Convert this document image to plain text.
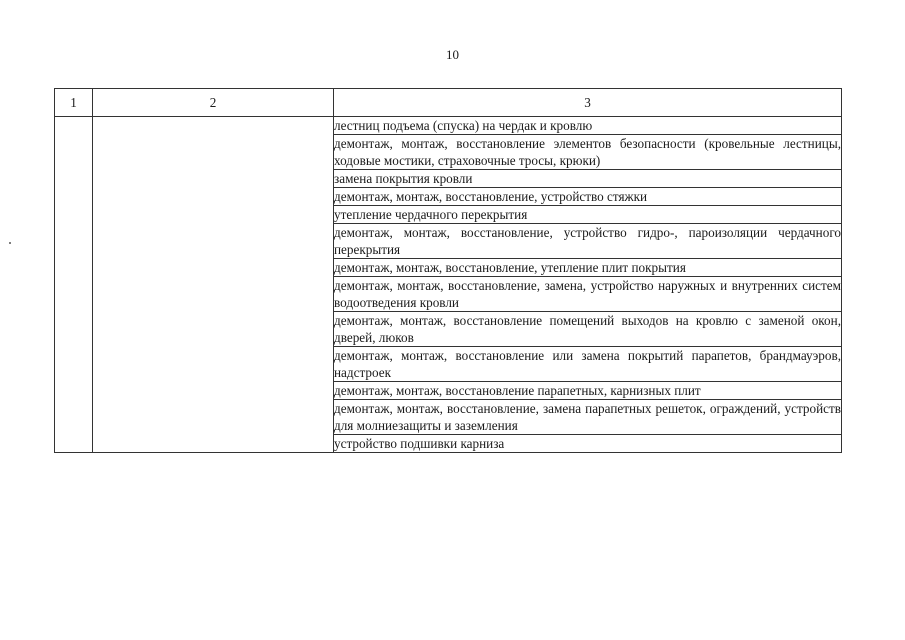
10
1	2	3
		лестниц подъема (спуска) на чердак и кровлю
		демонтаж, монтаж, восстановление элементов безопасности (кровельные лестницы, ходовые мостики, страховочные тросы, крюки)
		замена покрытия кровли
		демонтаж, монтаж, восстановление, устройство стяжки
		утепление чердачного перекрытия
		демонтаж, монтаж, восстановление, устройство гидро-, пароизоляции чердачного перекрытия
		демонтаж, монтаж, восстановление, утепление плит покрытия
		демонтаж, монтаж, восстановление, замена, устройство наружных и внутренних систем водоотведения кровли
		демонтаж, монтаж, восстановление помещений выходов на кровлю с заменой окон, дверей, люков
		демонтаж, монтаж, восстановление или замена покрытий парапетов, брандмауэров, надстроек
		демонтаж, монтаж, восстановление парапетных, карнизных плит
		демонтаж, монтаж, восстановление, замена парапетных решеток, ограждений, устройств для молниезащиты и заземления
		устройство подшивки карниза
